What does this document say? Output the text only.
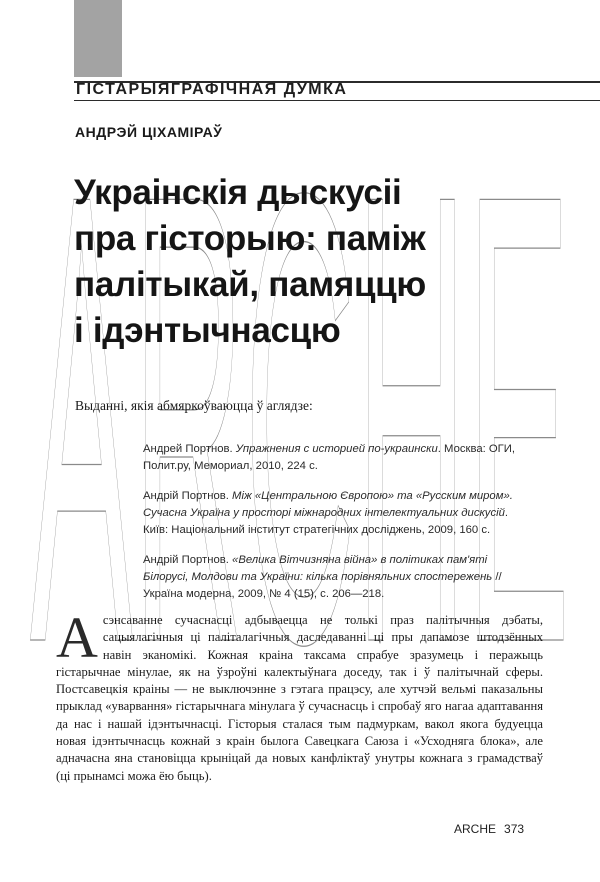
ГІСТАРЫЯГРАФІЧНАЯ ДУМКА
АНДРЭЙ ЦІХАМІРАЎ
ARCHE
Украінскія дыскусіі
пра гісторыю: паміж
палітыкай, памяццю
і ідэнтычнасцю
Выданні, якія абмяркоўваюцца ў аглядзе:
Андрей Портнов. Упражнения с историей по-украински. Москва: ОГИ, Полит.ру, Мемориал, 2010, 224 с.
Андрій Портнов. Між «Центральною Європою» та «Русским миром». Сучасна Україна у просторі міжнародних інтелектуальних дискусій. Київ: Національний інститут стратегічних досліджень, 2009, 160 с.
Андрій Портнов. «Велика Вітчизняна війна» в політиках пам'яті Білорусі, Молдови та України: кілька порівняльних спостережень // Україна модерна, 2009, № 4 (15), с. 206—218.

Асэнсаванне сучаснасці адбываецца не толькі праз палітычныя дэбаты, сацыялагічныя ці паліталагічныя даследаванні ці пры дапамозе штодзённых навін эканомікі. Кожная краіна таксама спрабуе зразумець і перажыць гістарычнае мінулае, як на ўзроўні калектыўнага доседу, так і ў палітычнай сферы. Постсавецкія краіны — не выключэнне з гэтага працэсу, але хутчэй вельмі паказальны прыклад «уварвання» гістарычнага мінулага ў сучаснасць і спробаў яго нагаа адаптавання да нас і нашай ідэнтычнасці. Гісторыя сталася тым падмуркам, вакол якога будуецца новая ідэнтычнасць кожнай з краін былога Савецкага Саюза і «Усходняга блока», але адначасна яна становіцца крыніцай да новых канфліктаў унутры кожнага з грамадстваў (ці прынамсі можа ёю быць).

ARCHE 373
